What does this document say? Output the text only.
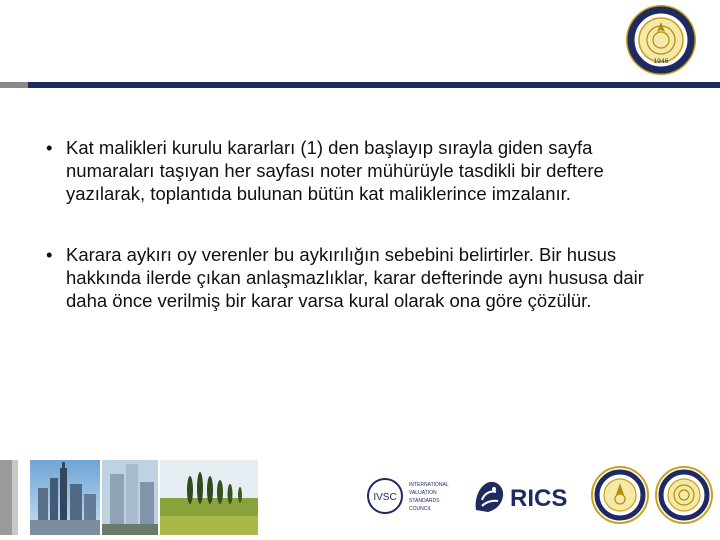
1946
• Kat malikleri kurulu kararları (1) den başlayıp sırayla giden sayfa numaraları taşıyan her sayfası noter mühürüyle tasdikli bir deftere yazılarak, toplantıda bulunan bütün kat maliklerince imzalanır.
• Karara aykırı oy verenler bu aykırılığın sebebini belirtirler. Bir husus hakkında ilerde çıkan anlaşmazlıklar, karar defterinde aynı hususa dair daha önce verilmiş bir karar varsa kural olarak ona göre çözülür.
IVSC
INTERNATIONAL
VALUATION
STANDARDS
COUNCIL	RICS
